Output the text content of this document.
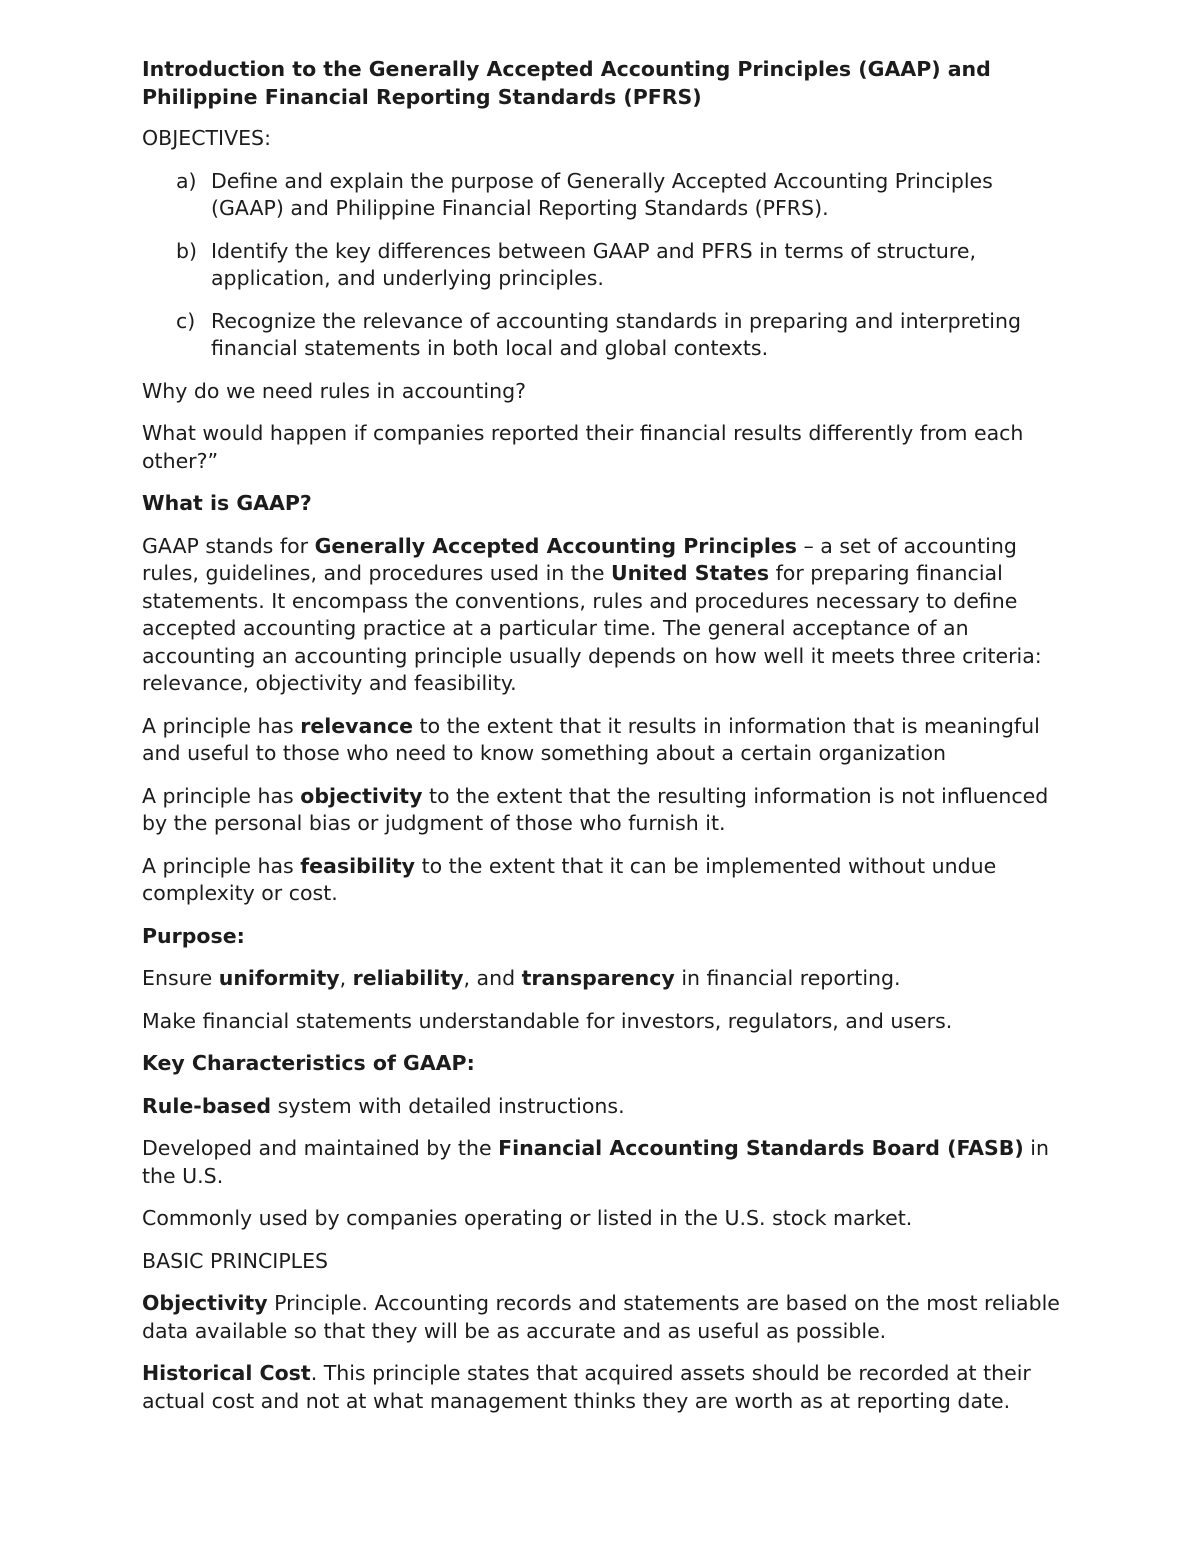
Introduction to the Generally Accepted Accounting Principles (GAAP) and Philippine Financial Reporting Standards (PFRS)

OBJECTIVES:

a) Define and explain the purpose of Generally Accepted Accounting Principles (GAAP) and Philippine Financial Reporting Standards (PFRS).
b) Identify the key differences between GAAP and PFRS in terms of structure, application, and underlying principles.
c) Recognize the relevance of accounting standards in preparing and interpreting financial statements in both local and global contexts.

Why do we need rules in accounting?

What would happen if companies reported their financial results differently from each other?”

What is GAAP?

GAAP stands for Generally Accepted Accounting Principles – a set of accounting rules, guidelines, and procedures used in the United States for preparing financial statements. It encompass the conventions, rules and procedures necessary to define accepted accounting practice at a particular time. The general acceptance of an accounting an accounting principle usually depends on how well it meets three criteria: relevance, objectivity and feasibility.

A principle has relevance to the extent that it results in information that is meaningful and useful to those who need to know something about a certain organization

A principle has objectivity to the extent that the resulting information is not influenced by the personal bias or judgment of those who furnish it.

A principle has feasibility to the extent that it can be implemented without undue complexity or cost.

Purpose:

Ensure uniformity, reliability, and transparency in financial reporting.

Make financial statements understandable for investors, regulators, and users.

Key Characteristics of GAAP:

Rule-based system with detailed instructions.

Developed and maintained by the Financial Accounting Standards Board (FASB) in the U.S.

Commonly used by companies operating or listed in the U.S. stock market.

BASIC PRINCIPLES

Objectivity Principle. Accounting records and statements are based on the most reliable data available so that they will be as accurate and as useful as possible.

Historical Cost. This principle states that acquired assets should be recorded at their actual cost and not at what management thinks they are worth as at reporting date.
